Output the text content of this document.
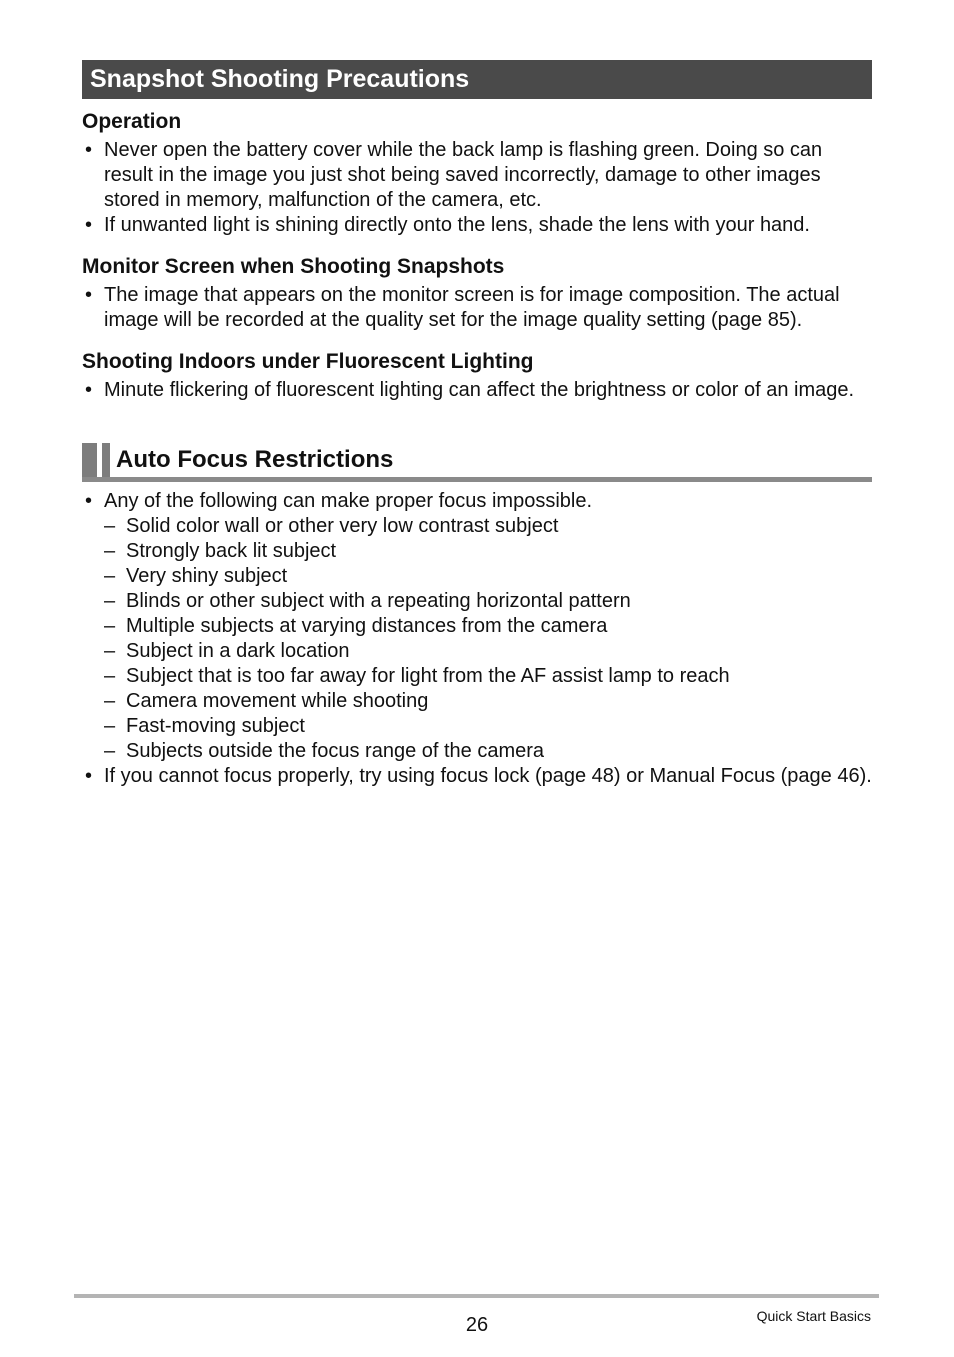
Snapshot Shooting Precautions
Operation
• Never open the battery cover while the back lamp is flashing green. Doing so can result in the image you just shot being saved incorrectly, damage to other images stored in memory, malfunction of the camera, etc.
• If unwanted light is shining directly onto the lens, shade the lens with your hand.
Monitor Screen when Shooting Snapshots
• The image that appears on the monitor screen is for image composition. The actual image will be recorded at the quality set for the image quality setting (page 85).
Shooting Indoors under Fluorescent Lighting
• Minute flickering of fluorescent lighting can affect the brightness or color of an image.
Auto Focus Restrictions
• Any of the following can make proper focus impossible.
– Solid color wall or other very low contrast subject
– Strongly back lit subject
– Very shiny subject
– Blinds or other subject with a repeating horizontal pattern
– Multiple subjects at varying distances from the camera
– Subject in a dark location
– Subject that is too far away for light from the AF assist lamp to reach
– Camera movement while shooting
– Fast-moving subject
– Subjects outside the focus range of the camera
• If you cannot focus properly, try using focus lock (page 48) or Manual Focus (page 46).
26	Quick Start Basics
